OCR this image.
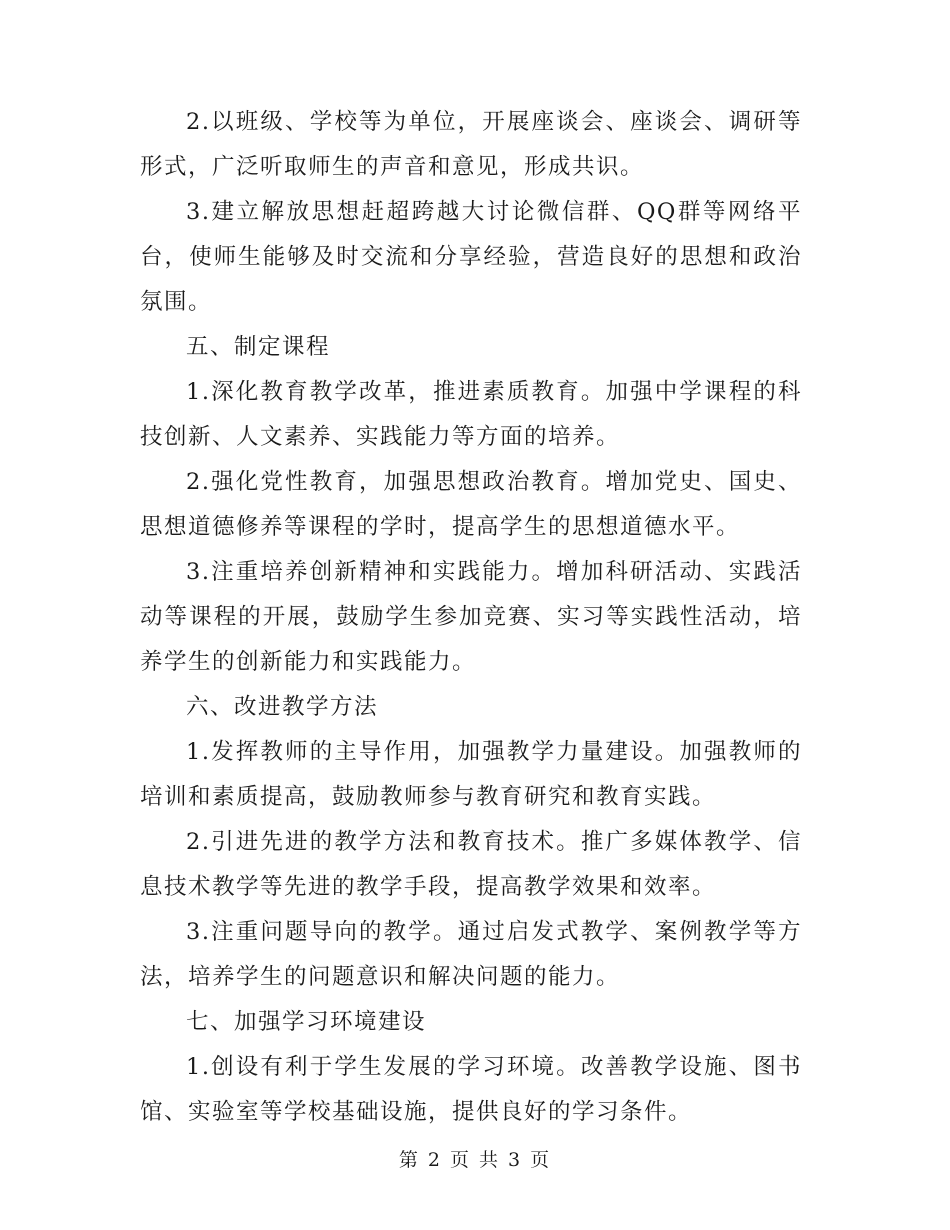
2.以班级、学校等为单位，开展座谈会、座谈会、调研等形式，广泛听取师生的声音和意见，形成共识。

3.建立解放思想赶超跨越大讨论微信群、QQ群等网络平台，使师生能够及时交流和分享经验，营造良好的思想和政治氛围。

五、制定课程

1.深化教育教学改革，推进素质教育。加强中学课程的科技创新、人文素养、实践能力等方面的培养。

2.强化党性教育，加强思想政治教育。增加党史、国史、思想道德修养等课程的学时，提高学生的思想道德水平。

3.注重培养创新精神和实践能力。增加科研活动、实践活动等课程的开展，鼓励学生参加竞赛、实习等实践性活动，培养学生的创新能力和实践能力。

六、改进教学方法

1.发挥教师的主导作用，加强教学力量建设。加强教师的培训和素质提高，鼓励教师参与教育研究和教育实践。

2.引进先进的教学方法和教育技术。推广多媒体教学、信息技术教学等先进的教学手段，提高教学效果和效率。

3.注重问题导向的教学。通过启发式教学、案例教学等方法，培养学生的问题意识和解决问题的能力。

七、加强学习环境建设

1.创设有利于学生发展的学习环境。改善教学设施、图书馆、实验室等学校基础设施，提供良好的学习条件。

第 2 页 共 3 页
